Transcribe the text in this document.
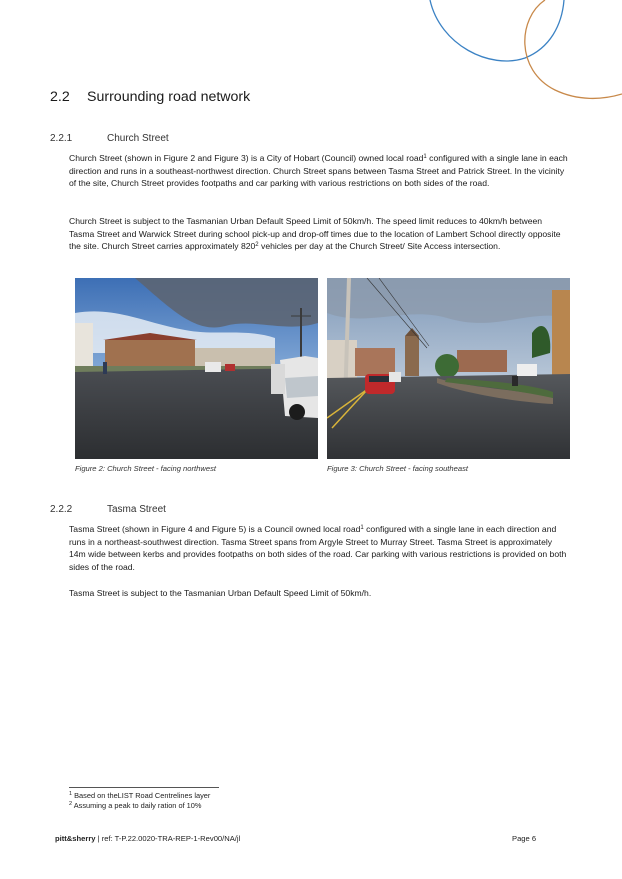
2.2 Surrounding road network
2.2.1	Church Street

Church Street (shown in Figure 2 and Figure 3) is a City of Hobart (Council) owned local road$^1$ configured with a single lane in each direction and runs in a southeast-northwest direction. Church Street spans between Tasma Street and Patrick Street. In the vicinity of the site, Church Street provides footpaths and car parking with various restrictions on both sides of the road.

Church Street is subject to the Tasmanian Urban Default Speed Limit of 50km/h. The speed limit reduces to 40km/h between Tasma Street and Warwick Street during school pick-up and drop-off times due to the location of Lambert School directly opposite the site. Church Street carries approximately $820^2$ vehicles per day at the Church Street/ Site Access intersection.

Figure 2: Church Street - facing northwest	Figure 3: Church Street - facing southeast

2.2.2	Tasma Street

Tasma Street (shown in Figure 4 and Figure 5) is a Council owned local road$^1$ configured with a single lane in each direction and runs in a northeast-southwest direction. Tasma Street spans from Argyle Street to Murray Street. Tasma Street is approximately 14m wide between kerbs and provides footpaths on both sides of the road. Car parking with various restrictions is provided on both sides of the road.

Tasma Street is subject to the Tasmanian Urban Default Speed Limit of 50km/h.

$^1$ Based on theLIST Road Centrelines layer

$^2$ Assuming a peak to daily ration of 10%

pitt&sherry | ref: T-P.22.0020-TRA-REP-1-Rev00/NA/jl	Page 6
